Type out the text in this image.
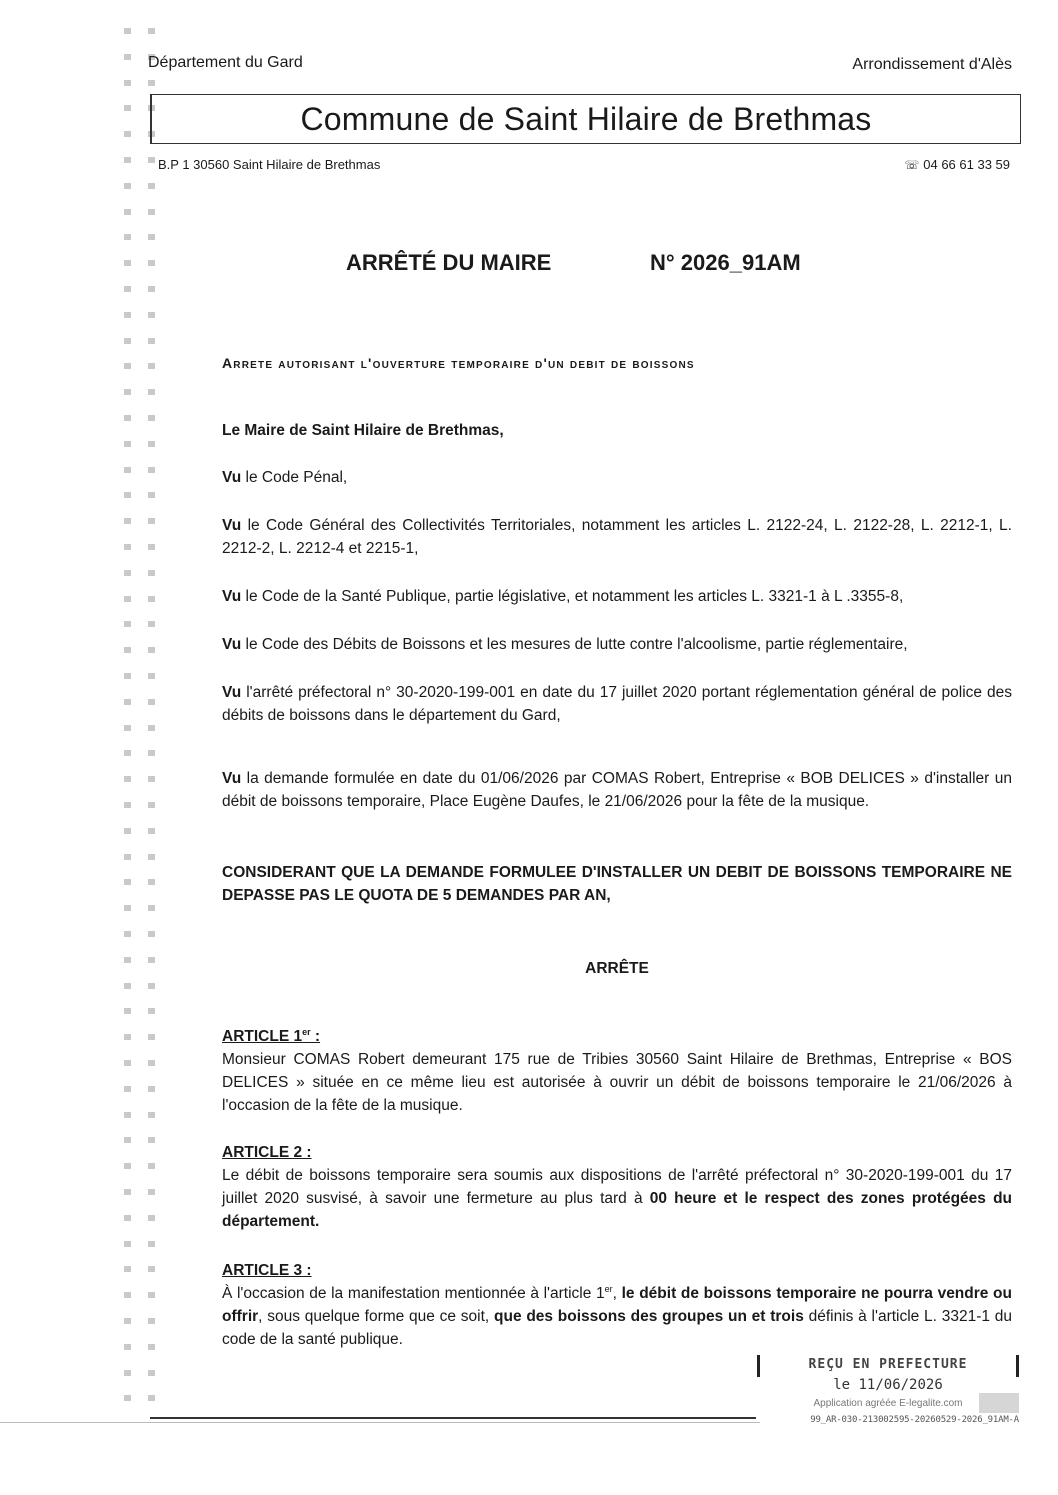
Département du Gard	Arrondissement d'Alès
Commune de Saint Hilaire de Brethmas
B.P 1 30560 Saint Hilaire de Brethmas	☏ 04 66 61 33 59
ARRÊTÉ DU MAIRE	N° 2026_91AM
Arrete autorisant l'ouverture temporaire d'un debit de boissons
Le Maire de Saint Hilaire de Brethmas,
Vu le Code Pénal,
Vu le Code Général des Collectivités Territoriales, notamment les articles L. 2122-24, L. 2122-28, L. 2212-1, L. 2212-2, L. 2212-4 et 2215-1,
Vu le Code de la Santé Publique, partie législative, et notamment les articles L. 3321-1 à L .3355-8,
Vu le Code des Débits de Boissons et les mesures de lutte contre l'alcoolisme, partie réglementaire,
Vu l'arrêté préfectoral n° 30-2020-199-001 en date du 17 juillet 2020 portant réglementation général de police des débits de boissons dans le département du Gard,
Vu la demande formulée en date du 01/06/2026 par COMAS Robert, Entreprise « BOB DELICES » d'installer un débit de boissons temporaire, Place Eugène Daufes, le 21/06/2026 pour la fête de la musique.
CONSIDERANT QUE LA DEMANDE FORMULEE D'INSTALLER UN DEBIT DE BOISSONS TEMPORAIRE NE DEPASSE PAS LE QUOTA DE 5 DEMANDES PAR AN,
ARRÊTE
ARTICLE 1er :
Monsieur COMAS Robert demeurant 175 rue de Tribies 30560 Saint Hilaire de Brethmas, Entreprise « BOS DELICES » située en ce même lieu est autorisée à ouvrir un débit de boissons temporaire le 21/06/2026 à l'occasion de la fête de la musique.
ARTICLE 2 :
Le débit de boissons temporaire sera soumis aux dispositions de l'arrêté préfectoral n° 30-2020-199-001 du 17 juillet 2020 susvisé, à savoir une fermeture au plus tard à 00 heure et le respect des zones protégées du département.
ARTICLE 3 :
À l'occasion de la manifestation mentionnée à l'article 1er, le débit de boissons temporaire ne pourra vendre ou offrir, sous quelque forme que ce soit, que des boissons des groupes un et trois définis à l'article L. 3321-1 du code de la santé publique.
REÇU EN PREFECTURE
le 11/06/2026
Application agréée E-legalite.com
99_AR-030-213002595-20260529-2026_91AM-A
